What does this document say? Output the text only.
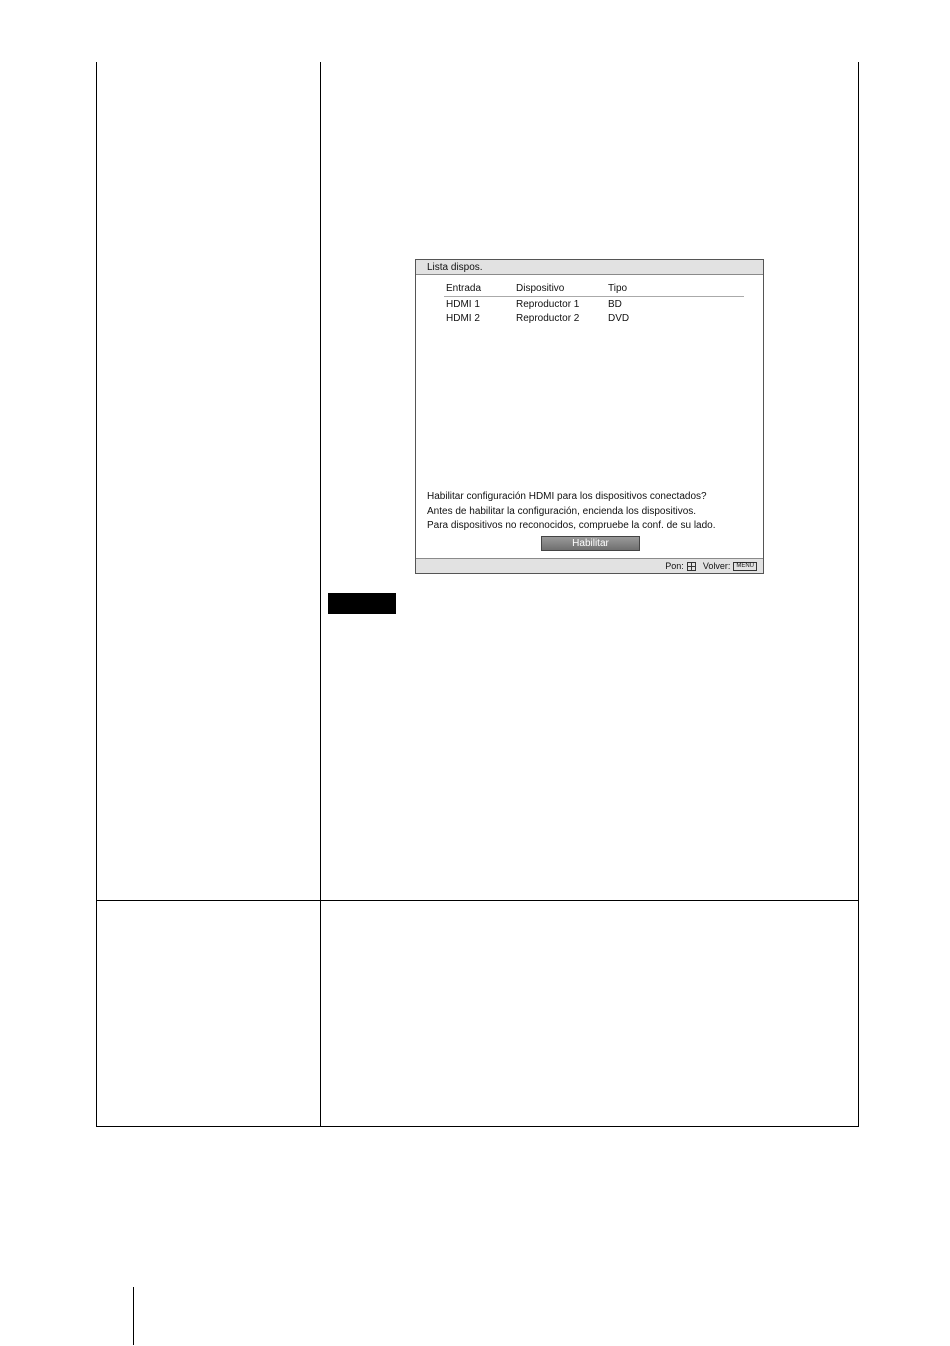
Lista dispos.
Entrada	Dispositivo	Tipo
HDMI 1	Reproductor 1	BD
HDMI 2	Reproductor 2	DVD
Habilitar configuración HDMI para los dispositivos conectados?
Antes de habilitar la configuración, encienda los dispositivos.
Para dispositivos no reconocidos, compruebe la conf. de su lado.
Habilitar
Pon: Volver:	MENU
